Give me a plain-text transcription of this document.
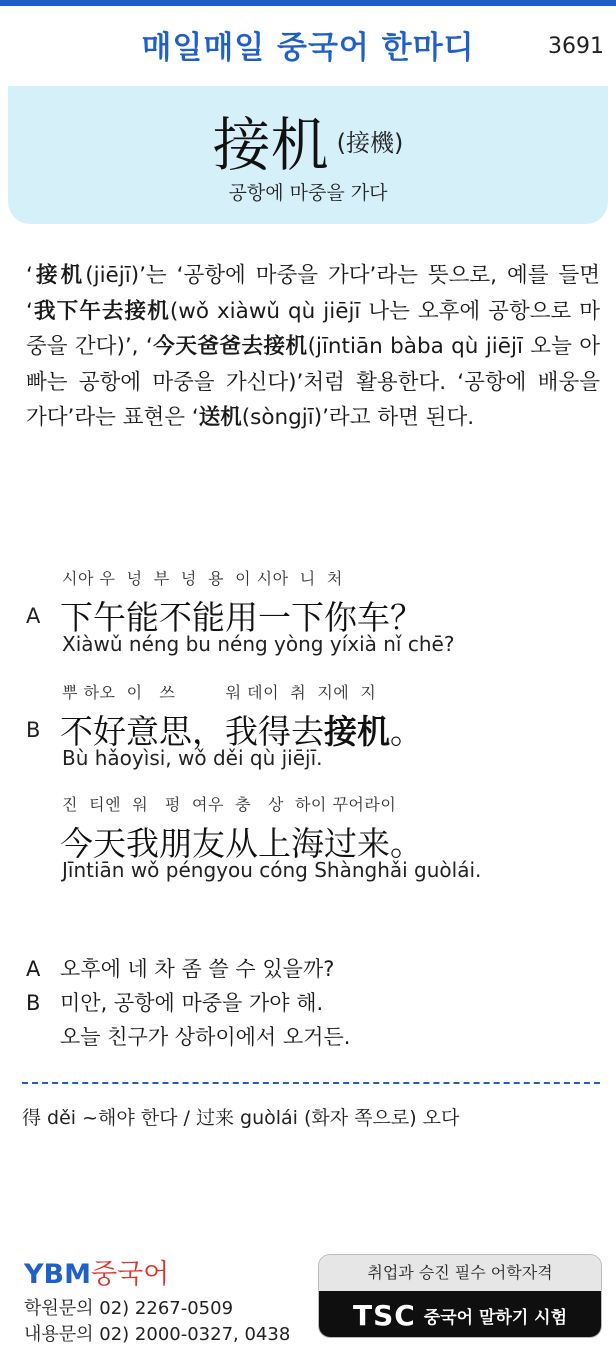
매일매일 중국어 한마디	3691
接机 (接機)
공항에 마중을 가다
‘接机(jiējī)’는 ‘공항에 마중을 가다’라는 뜻으로, 예를 들면 ‘我下午去接机(wǒ xiàwǔ qù jiējī 나는 오후에 공항으로 마중을 간다)’, ‘今天爸爸去接机(jīntiān bàba qù jiējī 오늘 아빠는 공항에 마중을 가신다)’처럼 활용한다. ‘공항에 배웅을 가다’라는 표현은 ‘送机(sòngjī)’라고 하면 된다.
시아 우  넝  부  넝  용  이 시아  니  처
A 下午能不能用一下你车？
Xiàwǔ néng bu néng yòng yíxià nǐ chē?
뿌 하오  이   쓰         워 데이  취  지에  지
B 不好意思，我得去接机。
Bù hǎoyìsi, wǒ děi qù jiējī.
진  티엔  워   펑  여우  충   상  하이 꾸어라이
今天我朋友从上海过来。
Jīntiān wǒ péngyou cóng Shànghǎi guòlái.
A 오후에 네 차 좀 쓸 수 있을까?
B 미안, 공항에 마중을 가야 해.
오늘 친구가 상하이에서 오거든.
得 děi ~해야 한다 / 过来 guòlái (화자 쪽으로) 오다
YBM중국어
학원문의 02) 2267-0509
내용문의 02) 2000-0327, 0438
취업과 승진 필수 어학자격
TSC 중국어 말하기 시험
